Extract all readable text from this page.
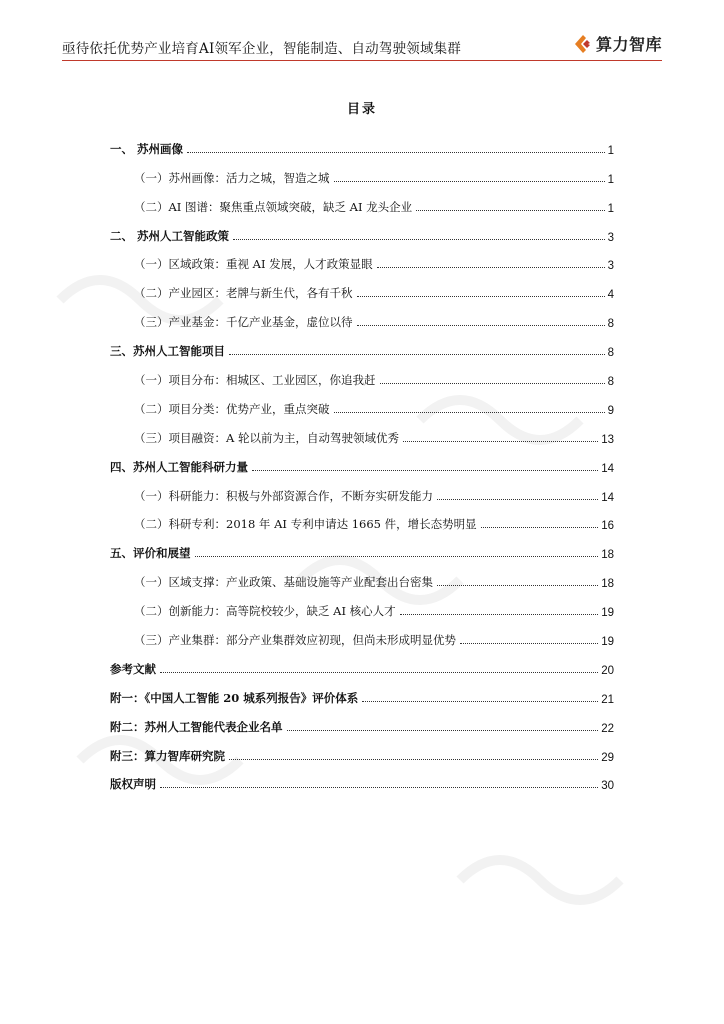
亟待依托优势产业培育AI领军企业，智能制造、自动驾驶领域集群	算力智库
目录
一、 苏州画像	1
（一）苏州画像：活力之城，智造之城	1
（二）AI 图谱：聚焦重点领域突破，缺乏 AI 龙头企业	1
二、 苏州人工智能政策	3
（一）区域政策：重视 AI 发展，人才政策显眼	3
（二）产业园区：老牌与新生代，各有千秋	4
（三）产业基金：千亿产业基金，虚位以待	8
三、苏州人工智能项目	8
（一）项目分布：相城区、工业园区，你追我赶	8
（二）项目分类：优势产业，重点突破	9
（三）项目融资：A 轮以前为主，自动驾驶领域优秀	13
四、苏州人工智能科研力量	14
（一）科研能力：积极与外部资源合作，不断夯实研发能力	14
（二）科研专利：2018 年 AI 专利申请达 1665 件，增长态势明显	16
五、评价和展望	18
（一）区域支撑：产业政策、基础设施等产业配套出台密集	18
（二）创新能力：高等院校较少，缺乏 AI 核心人才	19
（三）产业集群：部分产业集群效应初现，但尚未形成明显优势	19
参考文献	20
附一：《中国人工智能 20 城系列报告》评价体系	21
附二：苏州人工智能代表企业名单	22
附三：算力智库研究院	29
版权声明	30
